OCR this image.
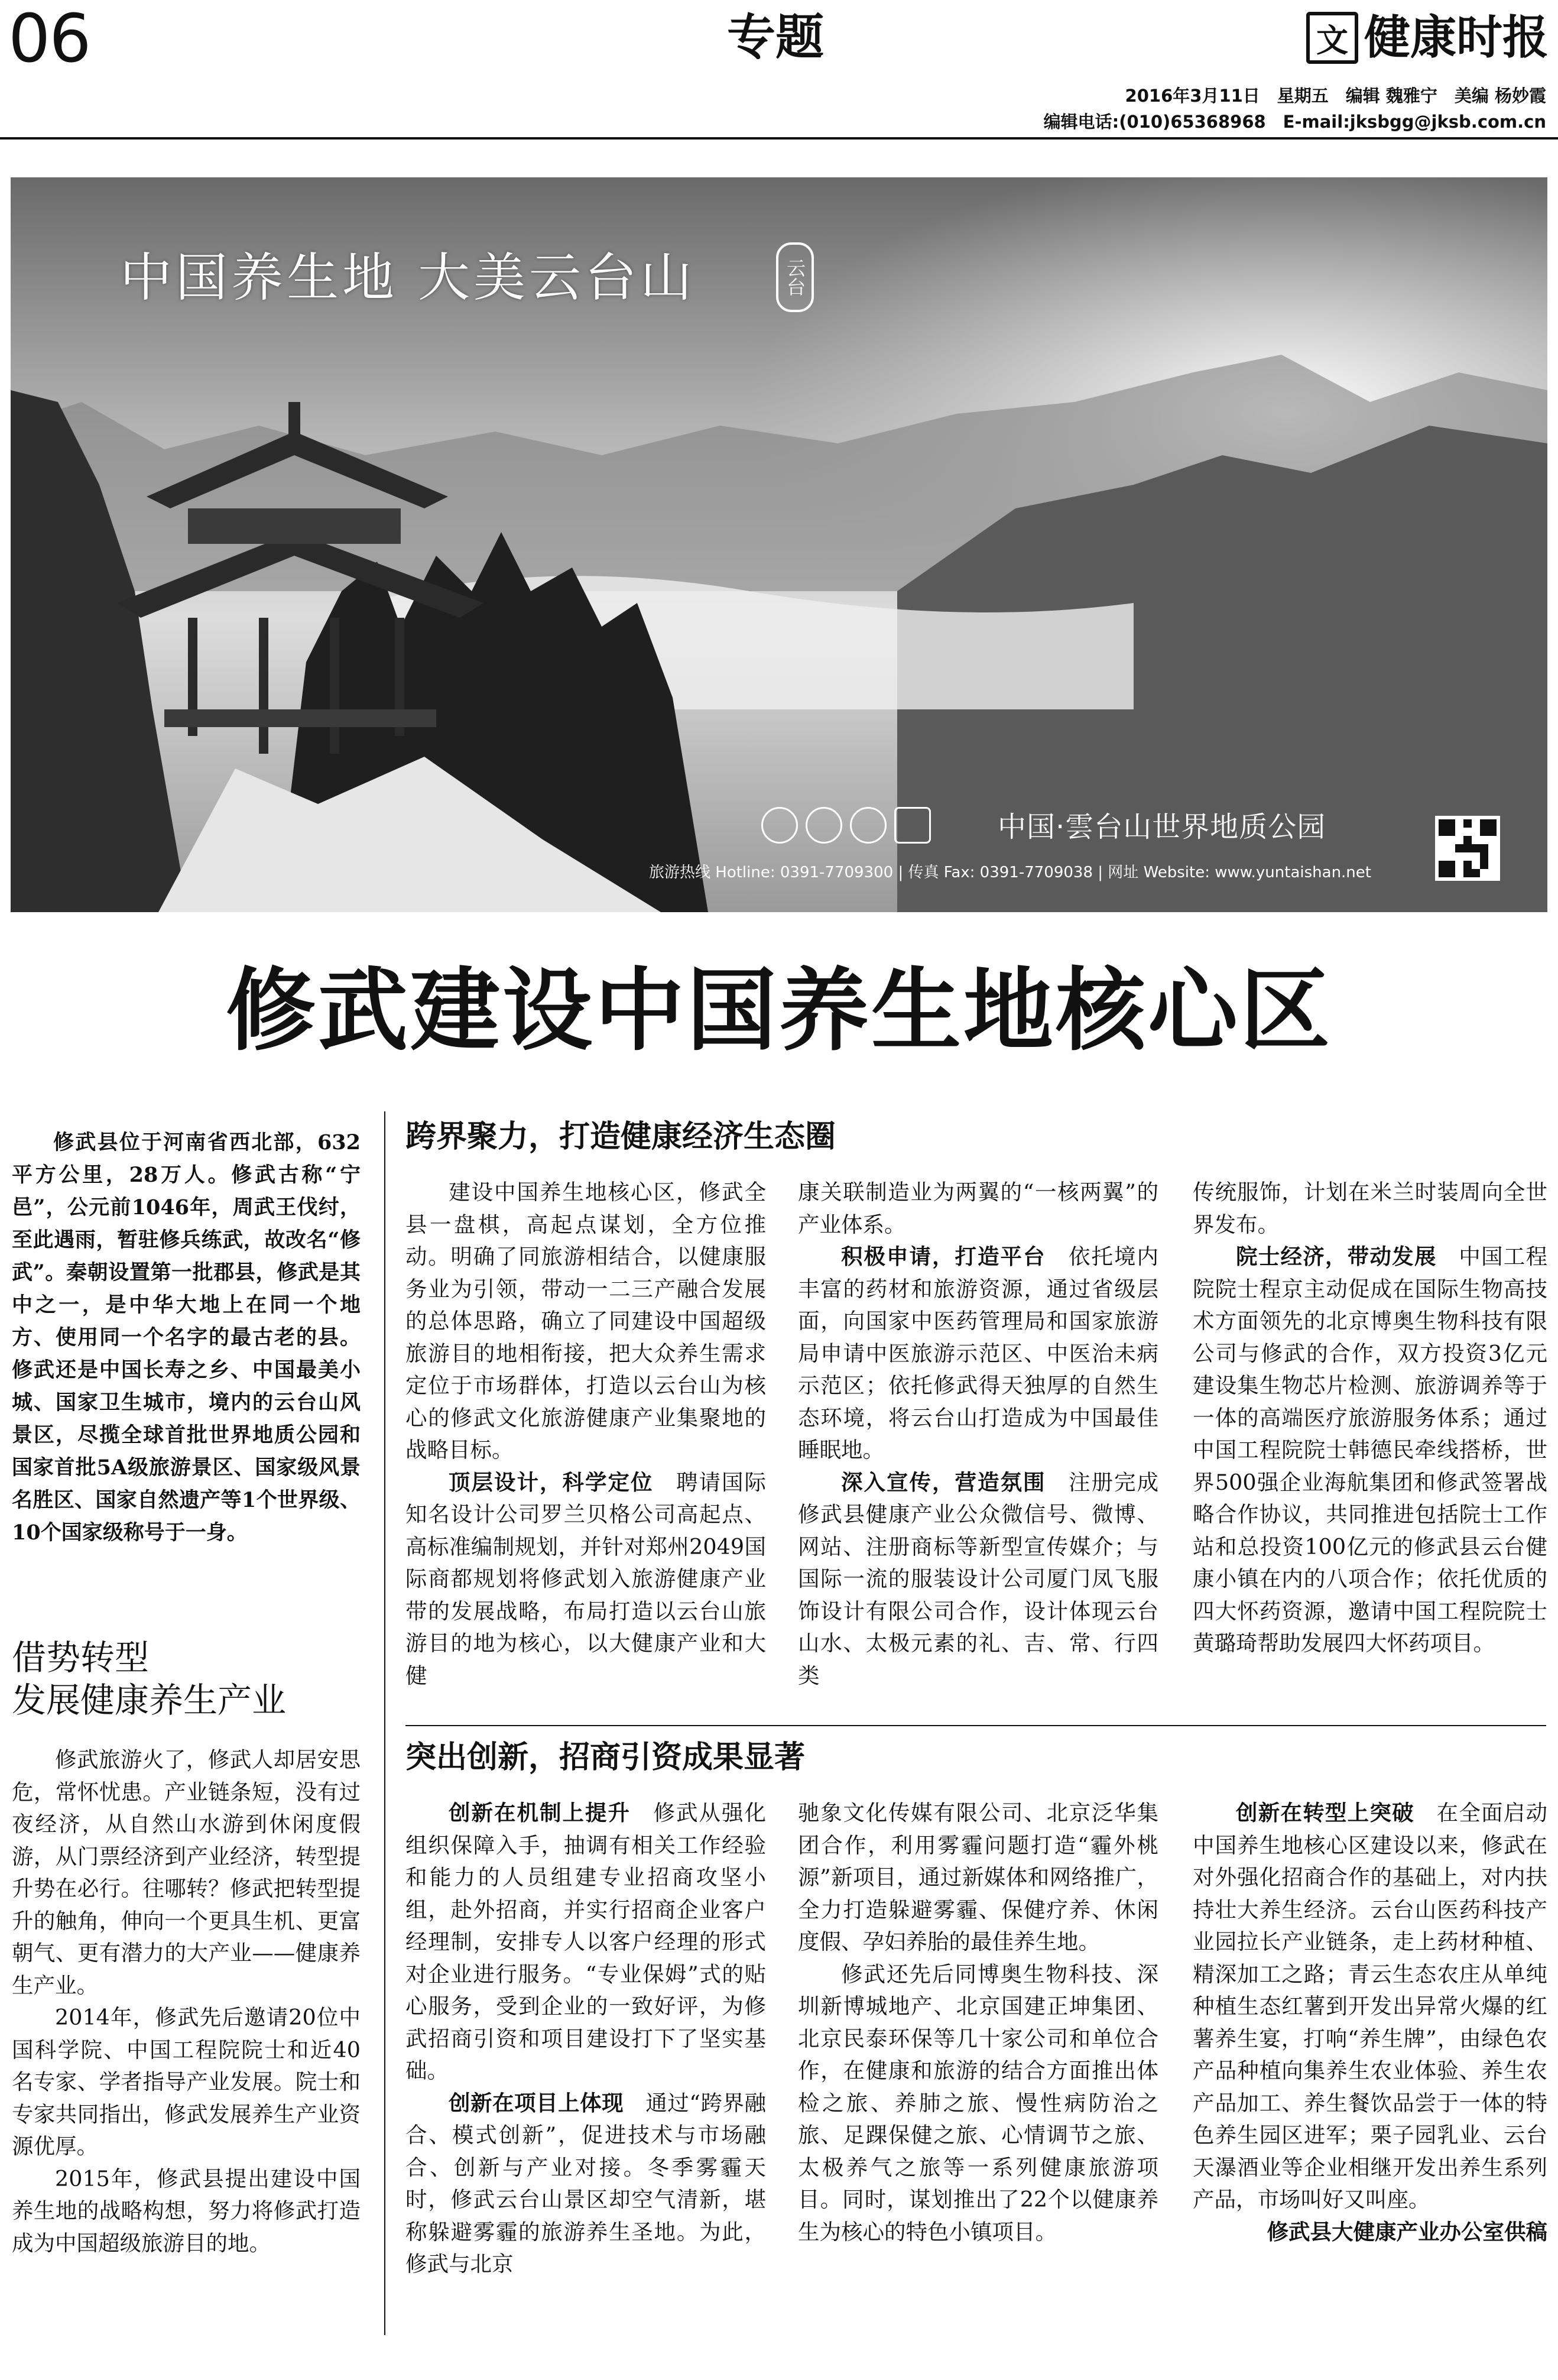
06	专题	文 健康时报
2016年3月11日　星期五　编辑 魏雅宁　美编 杨妙霞
编辑电话:(010)65368968　E-mail:jksbgg@jksb.com.cn
中国养生地 大美云台山	云台
中国·雲台山世界地质公园
旅游热线 Hotline: 0391-7709300 | 传真 Fax: 0391-7709038 | 网址 Website: www.yuntaishan.net
修武建设中国养生地核心区

修武县位于河南省西北部，632平方公里，28万人。修武古称“宁邑”，公元前1046年，周武王伐纣，至此遇雨，暂驻修兵练武，故改名“修武”。秦朝设置第一批郡县，修武是其中之一，是中华大地上在同一个地方、使用同一个名字的最古老的县。修武还是中国长寿之乡、中国最美小城、国家卫生城市，境内的云台山风景区，尽揽全球首批世界地质公园和国家首批5A级旅游景区、国家级风景名胜区、国家自然遗产等1个世界级、10个国家级称号于一身。

借势转型
发展健康养生产业

修武旅游火了，修武人却居安思危，常怀忧患。产业链条短，没有过夜经济，从自然山水游到休闲度假游，从门票经济到产业经济，转型提升势在必行。往哪转？修武把转型提升的触角，伸向一个更具生机、更富朝气、更有潜力的大产业——健康养生产业。

2014年，修武先后邀请20位中国科学院、中国工程院院士和近40名专家、学者指导产业发展。院士和专家共同指出，修武发展养生产业资源优厚。

2015年，修武县提出建设中国养生地的战略构想，努力将修武打造成为中国超级旅游目的地。

跨界聚力，打造健康经济生态圈

建设中国养生地核心区，修武全县一盘棋，高起点谋划，全方位推动。明确了同旅游相结合，以健康服务业为引领，带动一二三产融合发展的总体思路，确立了同建设中国超级旅游目的地相衔接，把大众养生需求定位于市场群体，打造以云台山为核心的修武文化旅游健康产业集聚地的战略目标。

顶层设计，科学定位　聘请国际知名设计公司罗兰贝格公司高起点、高标准编制规划，并针对郑州2049国际商都规划将修武划入旅游健康产业带的发展战略，布局打造以云台山旅游目的地为核心，以大健康产业和大健

康关联制造业为两翼的“一核两翼”的产业体系。

积极申请，打造平台　依托境内丰富的药材和旅游资源，通过省级层面，向国家中医药管理局和国家旅游局申请中医旅游示范区、中医治未病示范区；依托修武得天独厚的自然生态环境，将云台山打造成为中国最佳睡眠地。

深入宣传，营造氛围　注册完成修武县健康产业公众微信号、微博、网站、注册商标等新型宣传媒介；与国际一流的服装设计公司厦门凤飞服饰设计有限公司合作，设计体现云台山水、太极元素的礼、吉、常、行四类

传统服饰，计划在米兰时装周向全世界发布。

院士经济，带动发展　中国工程院院士程京主动促成在国际生物高技术方面领先的北京博奥生物科技有限公司与修武的合作，双方投资3亿元建设集生物芯片检测、旅游调养等于一体的高端医疗旅游服务体系；通过中国工程院院士韩德民牵线搭桥，世界500强企业海航集团和修武签署战略合作协议，共同推进包括院士工作站和总投资100亿元的修武县云台健康小镇在内的八项合作；依托优质的四大怀药资源，邀请中国工程院院士黄璐琦帮助发展四大怀药项目。

突出创新，招商引资成果显著

创新在机制上提升　修武从强化组织保障入手，抽调有相关工作经验和能力的人员组建专业招商攻坚小组，赴外招商，并实行招商企业客户经理制，安排专人以客户经理的形式对企业进行服务。“专业保姆”式的贴心服务，受到企业的一致好评，为修武招商引资和项目建设打下了坚实基础。

创新在项目上体现　通过“跨界融合、模式创新”，促进技术与市场融合、创新与产业对接。冬季雾霾天时，修武云台山景区却空气清新，堪称躲避雾霾的旅游养生圣地。为此，修武与北京

驰象文化传媒有限公司、北京泛华集团合作，利用雾霾问题打造“霾外桃源”新项目，通过新媒体和网络推广，全力打造躲避雾霾、保健疗养、休闲度假、孕妇养胎的最佳养生地。

修武还先后同博奥生物科技、深圳新博城地产、北京国建正坤集团、北京民泰环保等几十家公司和单位合作，在健康和旅游的结合方面推出体检之旅、养肺之旅、慢性病防治之旅、足踝保健之旅、心情调节之旅、太极养气之旅等一系列健康旅游项目。同时，谋划推出了22个以健康养生为核心的特色小镇项目。

创新在转型上突破　在全面启动中国养生地核心区建设以来，修武在对外强化招商合作的基础上，对内扶持壮大养生经济。云台山医药科技产业园拉长产业链条，走上药材种植、精深加工之路；青云生态农庄从单纯种植生态红薯到开发出异常火爆的红薯养生宴，打响“养生牌”，由绿色农产品种植向集养生农业体验、养生农产品加工、养生餐饮品尝于一体的特色养生园区进军；栗子园乳业、云台天瀑酒业等企业相继开发出养生系列产品，市场叫好又叫座。

修武县大健康产业办公室供稿
